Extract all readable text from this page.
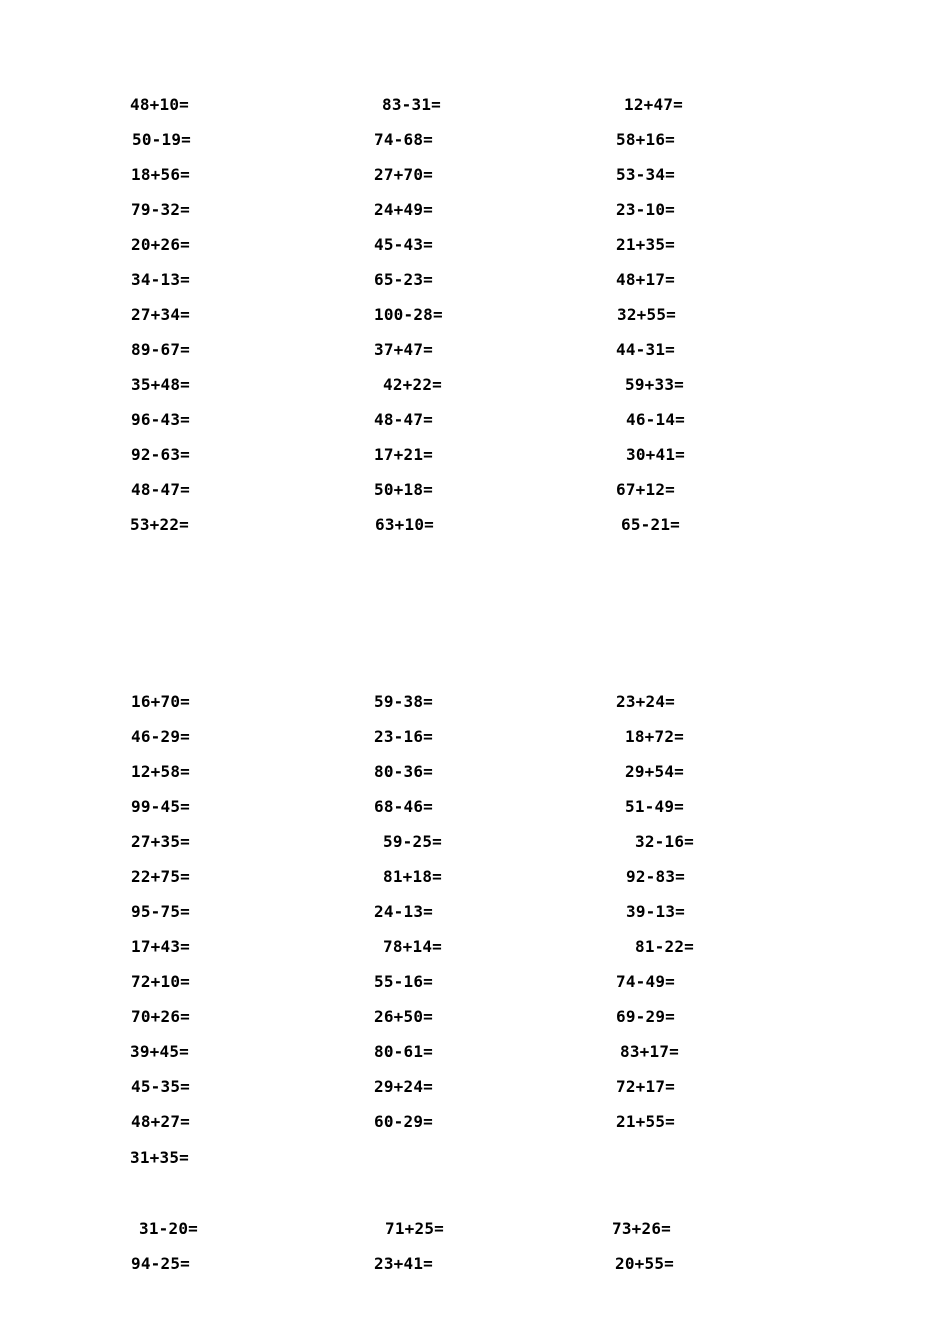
48+10=
50-19=
18+56=
79-32=
20+26=
34-13=
27+34=
89-67=
35+48=
96-43=
92-63=
48-47=
53+22=
83-31=
74-68=
27+70=
24+49=
45-43=
65-23=
100-28=
37+47=
42+22=
48-47=
17+21=
50+18=
63+10=
12+47=
58+16=
53-34=
23-10=
21+35=
48+17=
32+55=
44-31=
59+33=
46-14=
30+41=
67+12=
65-21=
16+70=
46-29=
12+58=
99-45=
27+35=
22+75=
95-75=
17+43=
72+10=
70+26=
39+45=
45-35=
48+27=
31+35=
59-38=
23-16=
80-36=
68-46=
59-25=
81+18=
24-13=
78+14=
55-16=
26+50=
80-61=
29+24=
60-29=
23+24=
18+72=
29+54=
51-49=
32-16=
92-83=
39-13=
81-22=
74-49=
69-29=
83+17=
72+17=
21+55=
31-20=
94-25=
71+25=
23+41=
73+26=
20+55=
